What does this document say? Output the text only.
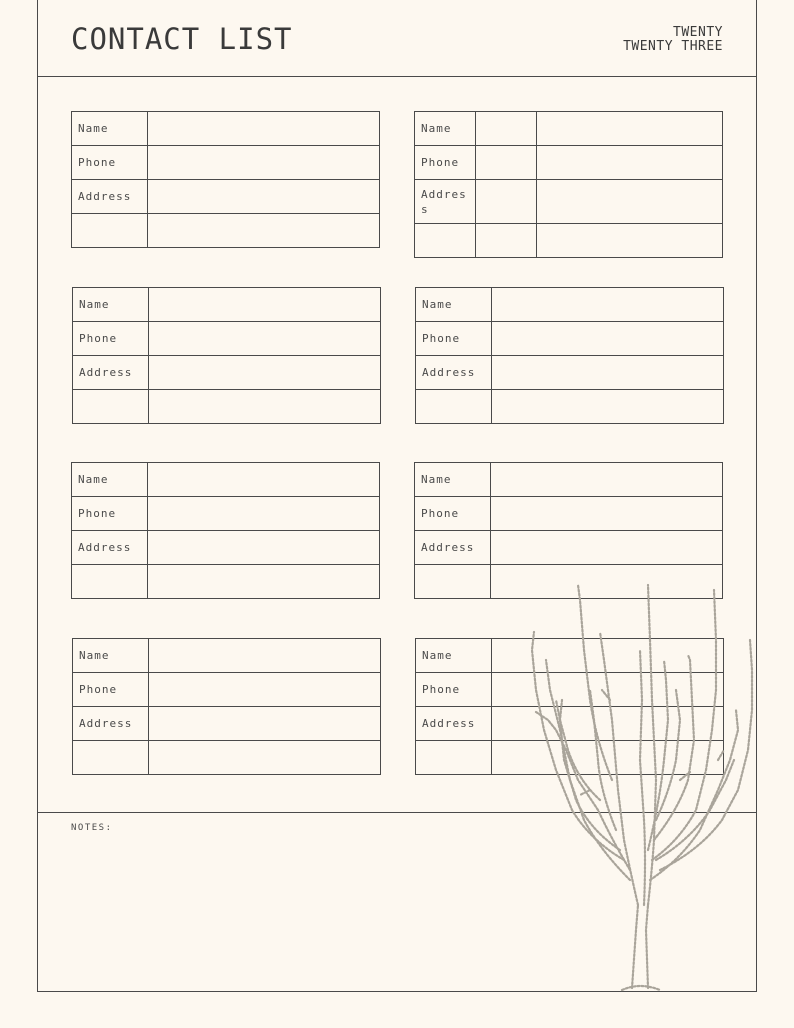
CONTACT LIST	TWENTY
TWENTY THREE
Name	
Phone	
Address	

Name		
Phone		
Addres s		

Name	
Phone	
Address	

Name	
Phone	
Address	

Name	
Phone	
Address	

Name	
Phone	
Address	

Name	
Phone	
Address	

Name	
Phone	
Address	

NOTES:
